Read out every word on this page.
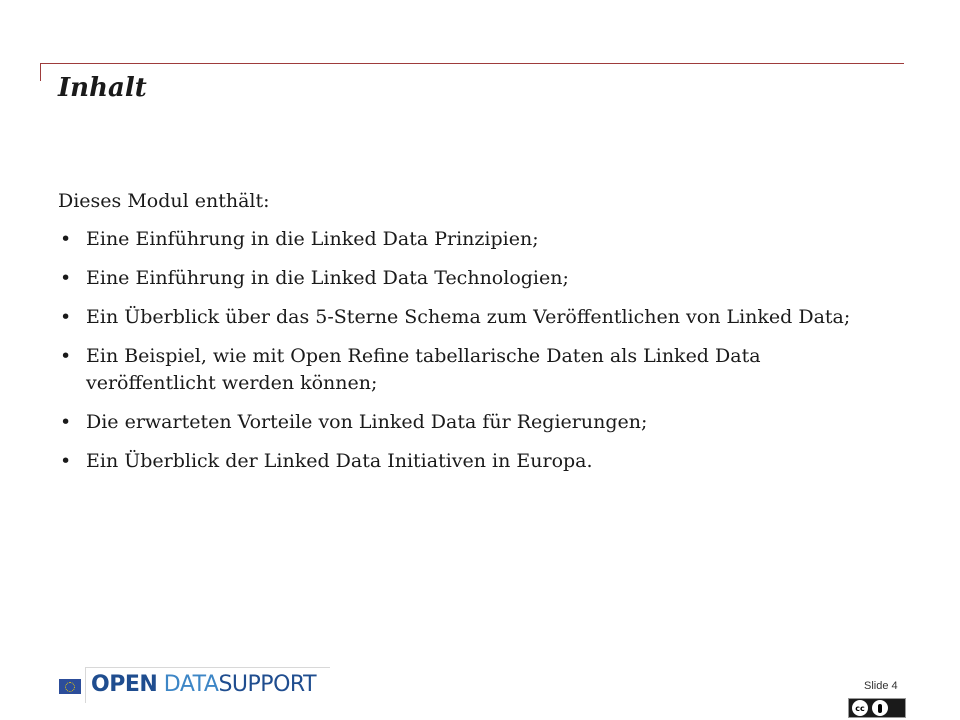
Inhalt

Dieses Modul enthält:

• Eine Einführung in die Linked Data Prinzipien;
• Eine Einführung in die Linked Data Technologien;
• Ein Überblick über das 5-Sterne Schema zum Veröffentlichen von Linked Data;
• Ein Beispiel, wie mit Open Refine tabellarische Daten als Linked Data veröffentlicht werden können;
• Die erwarteten Vorteile von Linked Data für Regierungen;
• Ein Überblick der Linked Data Initiativen in Europa.
OPEN DATASUPPORT	Slide 4
cc
